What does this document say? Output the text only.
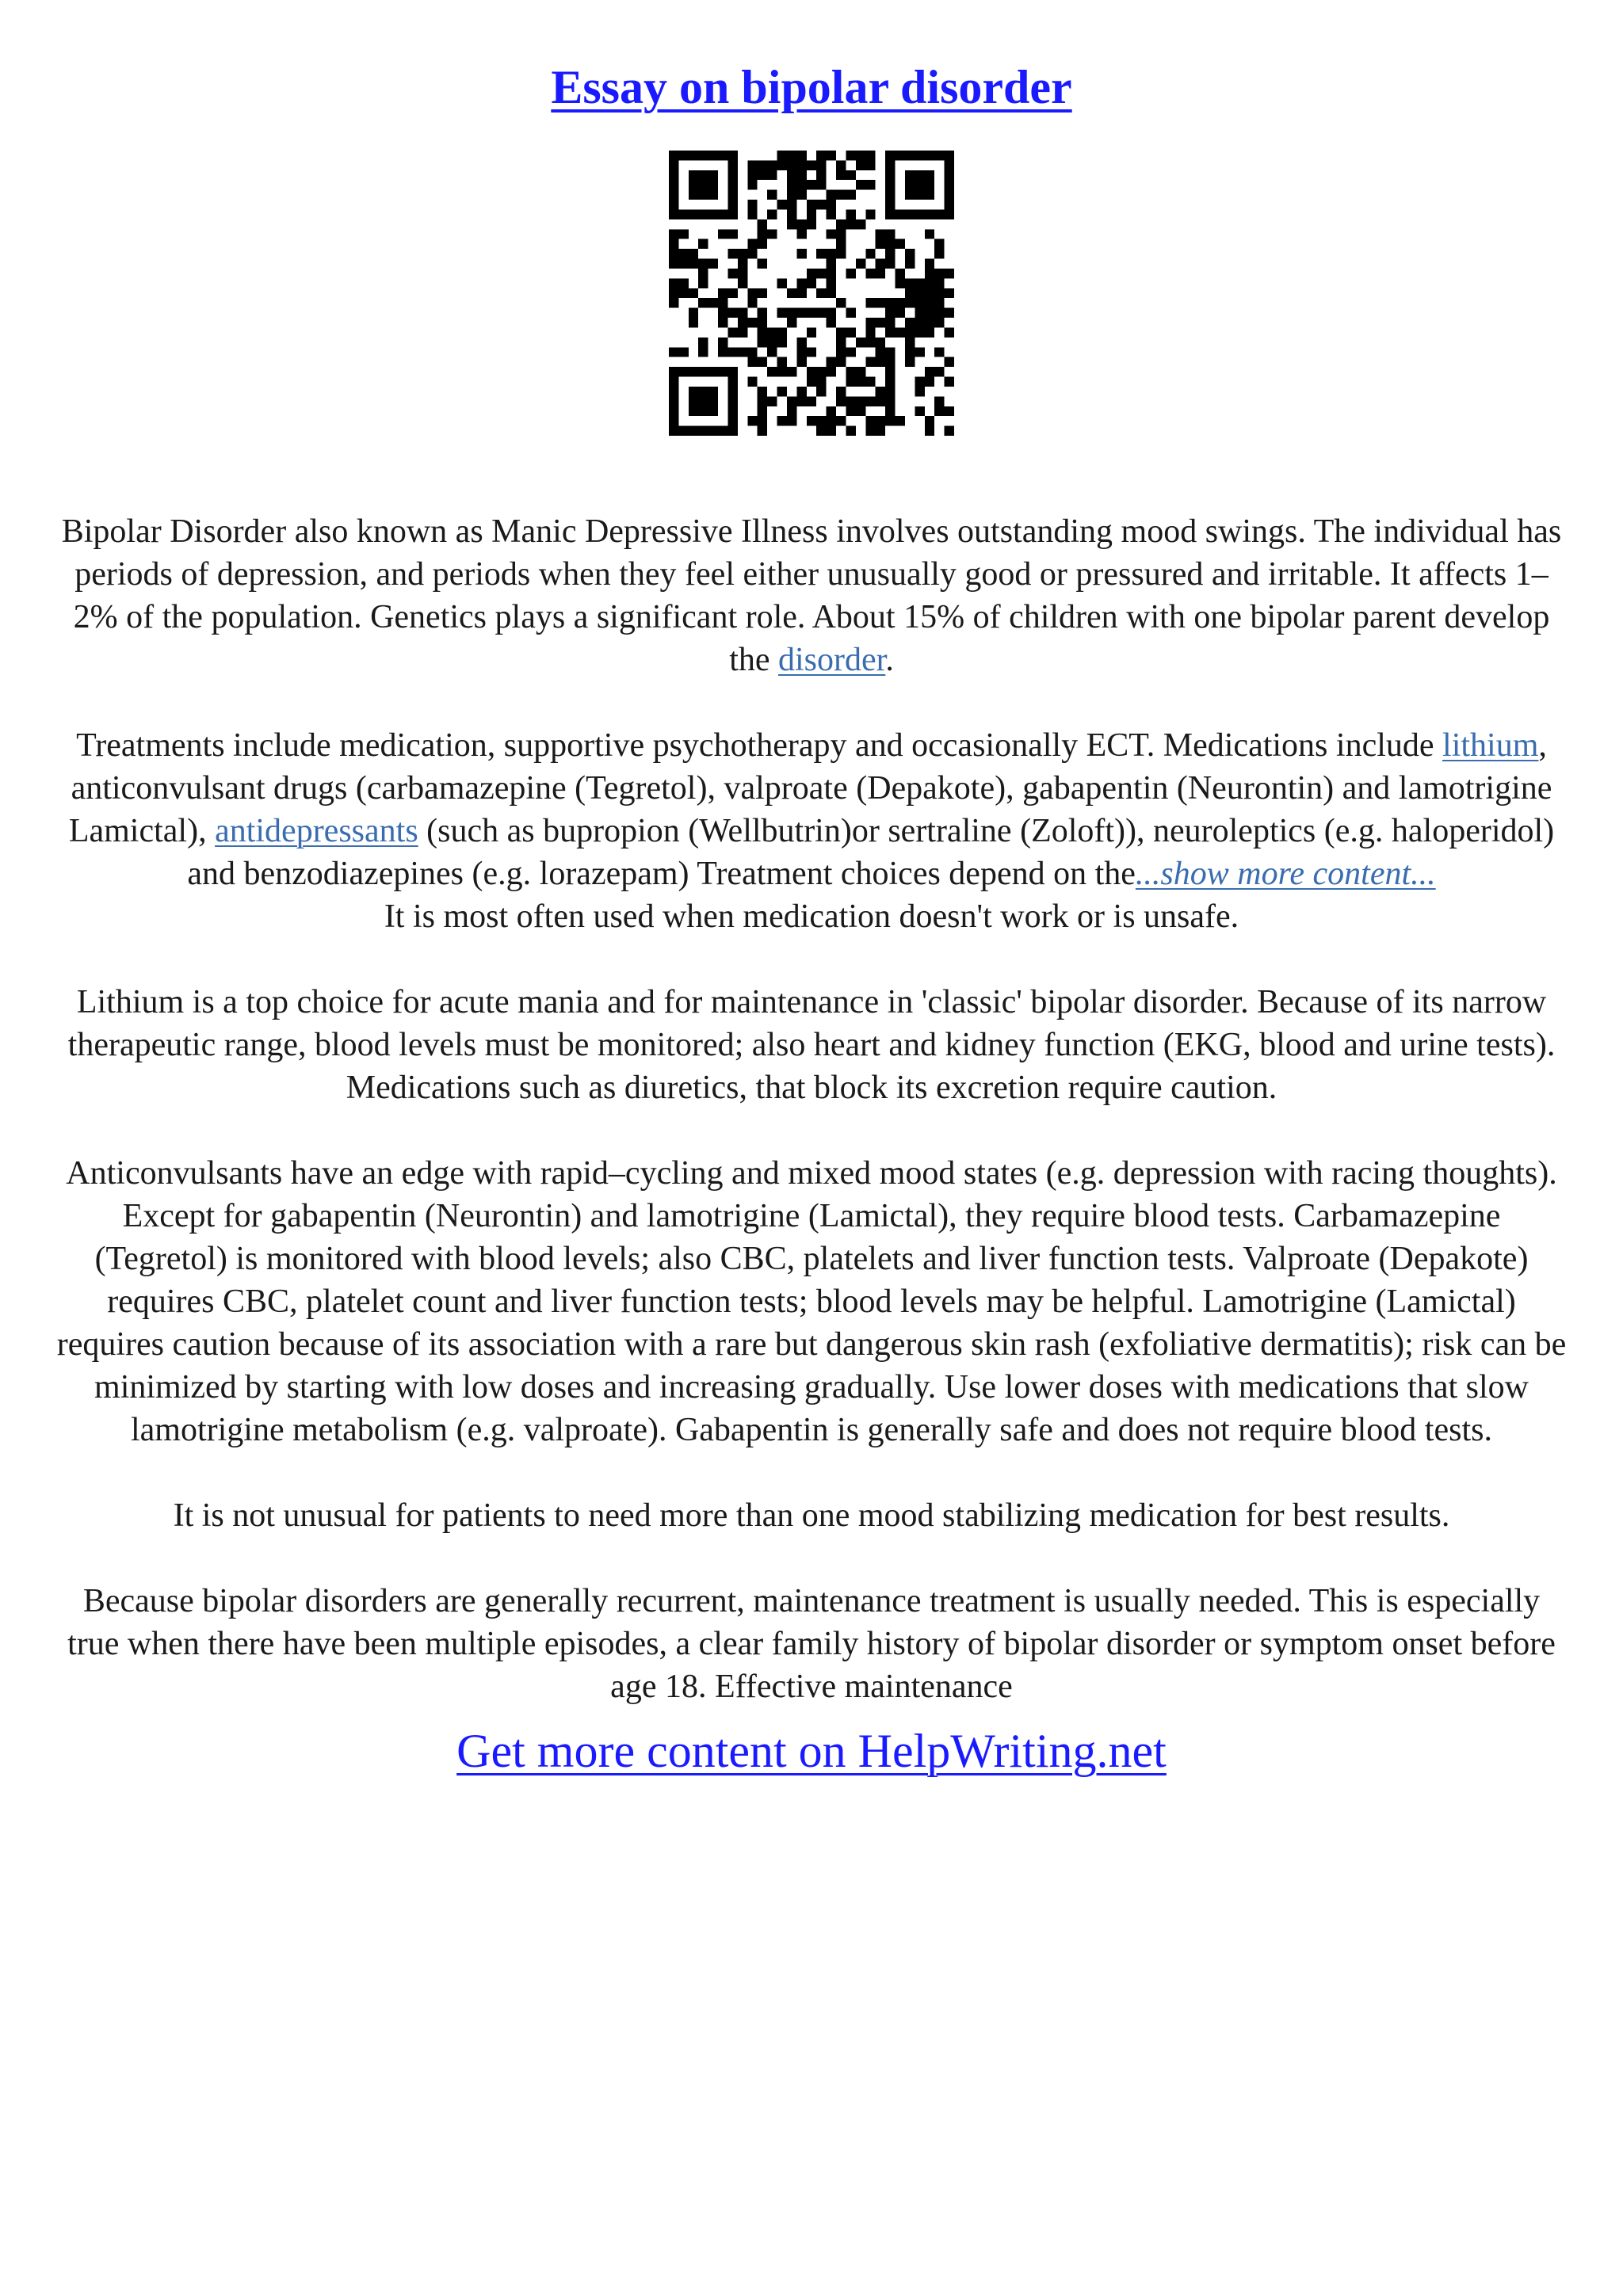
Essay on bipolar disorder

Bipolar Disorder also known as Manic Depressive Illness involves outstanding mood swings. The individual has periods of depression, and periods when they feel either unusually good or pressured and irritable. It affects 1–2% of the population. Genetics plays a significant role. About 15% of children with one bipolar parent develop the disorder.

Treatments include medication, supportive psychotherapy and occasionally ECT. Medications include lithium, anticonvulsant drugs (carbamazepine (Tegretol), valproate (Depakote), gabapentin (Neurontin) and lamotrigine Lamictal), antidepressants (such as bupropion (Wellbutrin)or sertraline (Zoloft)), neuroleptics (e.g. haloperidol) and benzodiazepines (e.g. lorazepam) Treatment choices depend on the...show more content...

It is most often used when medication doesn't work or is unsafe.

Lithium is a top choice for acute mania and for maintenance in 'classic' bipolar disorder. Because of its narrow therapeutic range, blood levels must be monitored; also heart and kidney function (EKG, blood and urine tests). Medications such as diuretics, that block its excretion require caution.

Anticonvulsants have an edge with rapid–cycling and mixed mood states (e.g. depression with racing thoughts). Except for gabapentin (Neurontin) and lamotrigine (Lamictal), they require blood tests. Carbamazepine (Tegretol) is monitored with blood levels; also CBC, platelets and liver function tests. Valproate (Depakote) requires CBC, platelet count and liver function tests; blood levels may be helpful. Lamotrigine (Lamictal) requires caution because of its association with a rare but dangerous skin rash (exfoliative dermatitis); risk can be minimized by starting with low doses and increasing gradually. Use lower doses with medications that slow lamotrigine metabolism (e.g. valproate). Gabapentin is generally safe and does not require blood tests.

It is not unusual for patients to need more than one mood stabilizing medication for best results.

Because bipolar disorders are generally recurrent, maintenance treatment is usually needed. This is especially true when there have been multiple episodes, a clear family history of bipolar disorder or symptom onset before age 18. Effective maintenance

Get more content on HelpWriting.net
